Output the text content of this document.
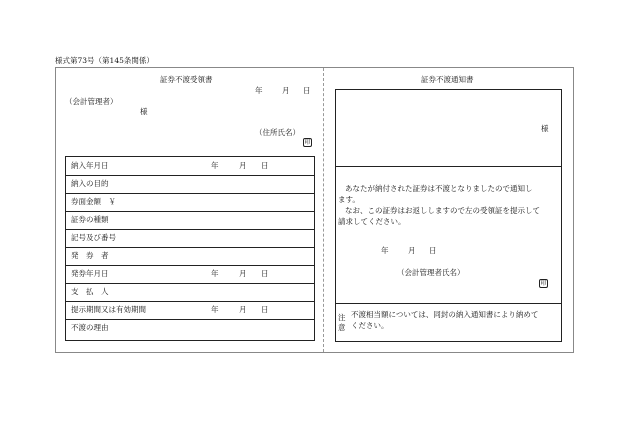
様式第73号（第145条関係）
証券不渡受領書
年	月 日
（会計管理者）
様
（住所氏名）
印
納入年月日	年	月 日
納入の目的
券面金額　￥
証券の種類
記号及び番号
発　券　者
発券年月日	年	月 日
支　払　人
提示期間又は有効期間	年	月 日
不渡の理由
証券不渡通知書
様
あなたが納付された証券は不渡となりましたので通知し
ます。
なお、この証券はお返ししますので左の受領証を提示して
請求してください。
年	月 日
（会計管理者氏名）
印
注
意
不渡相当額については、同封の納入通知書により納めて
ください。
